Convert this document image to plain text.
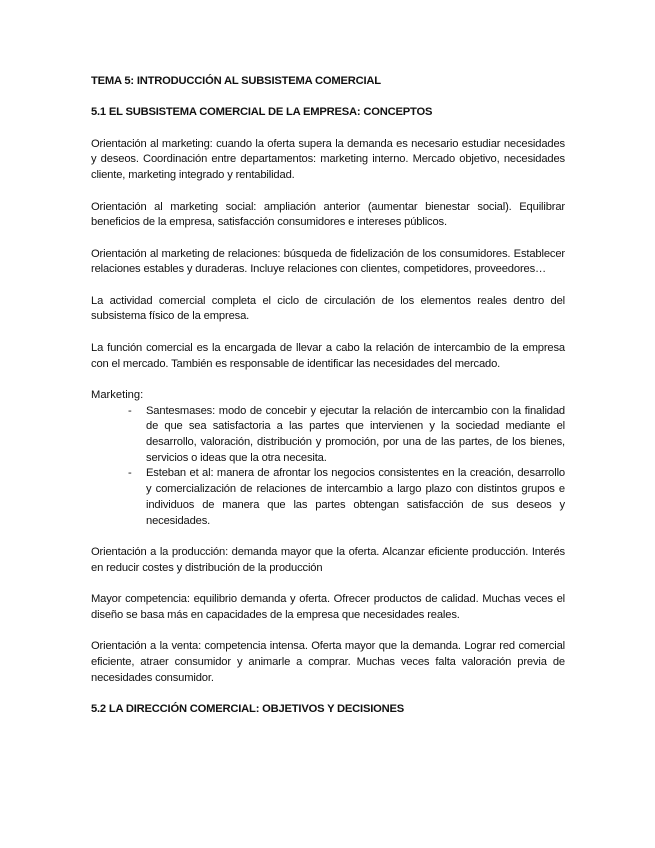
TEMA 5: INTRODUCCIÓN AL SUBSISTEMA COMERCIAL
5.1 EL SUBSISTEMA COMERCIAL DE LA EMPRESA: CONCEPTOS

Orientación al marketing: cuando la oferta supera la demanda es necesario estudiar necesidades y deseos. Coordinación entre departamentos: marketing interno. Mercado objetivo, necesidades cliente, marketing integrado y rentabilidad.

Orientación al marketing social: ampliación anterior (aumentar bienestar social). Equilibrar beneficios de la empresa, satisfacción consumidores e intereses públicos.

Orientación al marketing de relaciones: búsqueda de fidelización de los consumidores. Establecer relaciones estables y duraderas. Incluye relaciones con clientes, competidores, proveedores…

La actividad comercial completa el ciclo de circulación de los elementos reales dentro del subsistema físico de la empresa.

La función comercial es la encargada de llevar a cabo la relación de intercambio de la empresa con el mercado. También es responsable de identificar las necesidades del mercado.

Marketing:

- Santesmases: modo de concebir y ejecutar la relación de intercambio con la finalidad de que sea satisfactoria a las partes que intervienen y la sociedad mediante el desarrollo, valoración, distribución y promoción, por una de las partes, de los bienes, servicios o ideas que la otra necesita.
- Esteban et al: manera de afrontar los negocios consistentes en la creación, desarrollo y comercialización de relaciones de intercambio a largo plazo con distintos grupos e individuos de manera que las partes obtengan satisfacción de sus deseos y necesidades.

Orientación a la producción: demanda mayor que la oferta. Alcanzar eficiente producción. Interés en reducir costes y distribución de la producción

Mayor competencia: equilibrio demanda y oferta. Ofrecer productos de calidad. Muchas veces el diseño se basa más en capacidades de la empresa que necesidades reales.

Orientación a la venta: competencia intensa. Oferta mayor que la demanda. Lograr red comercial eficiente, atraer consumidor y animarle a comprar. Muchas veces falta valoración previa de necesidades consumidor.

5.2 LA DIRECCIÓN COMERCIAL: OBJETIVOS Y DECISIONES
